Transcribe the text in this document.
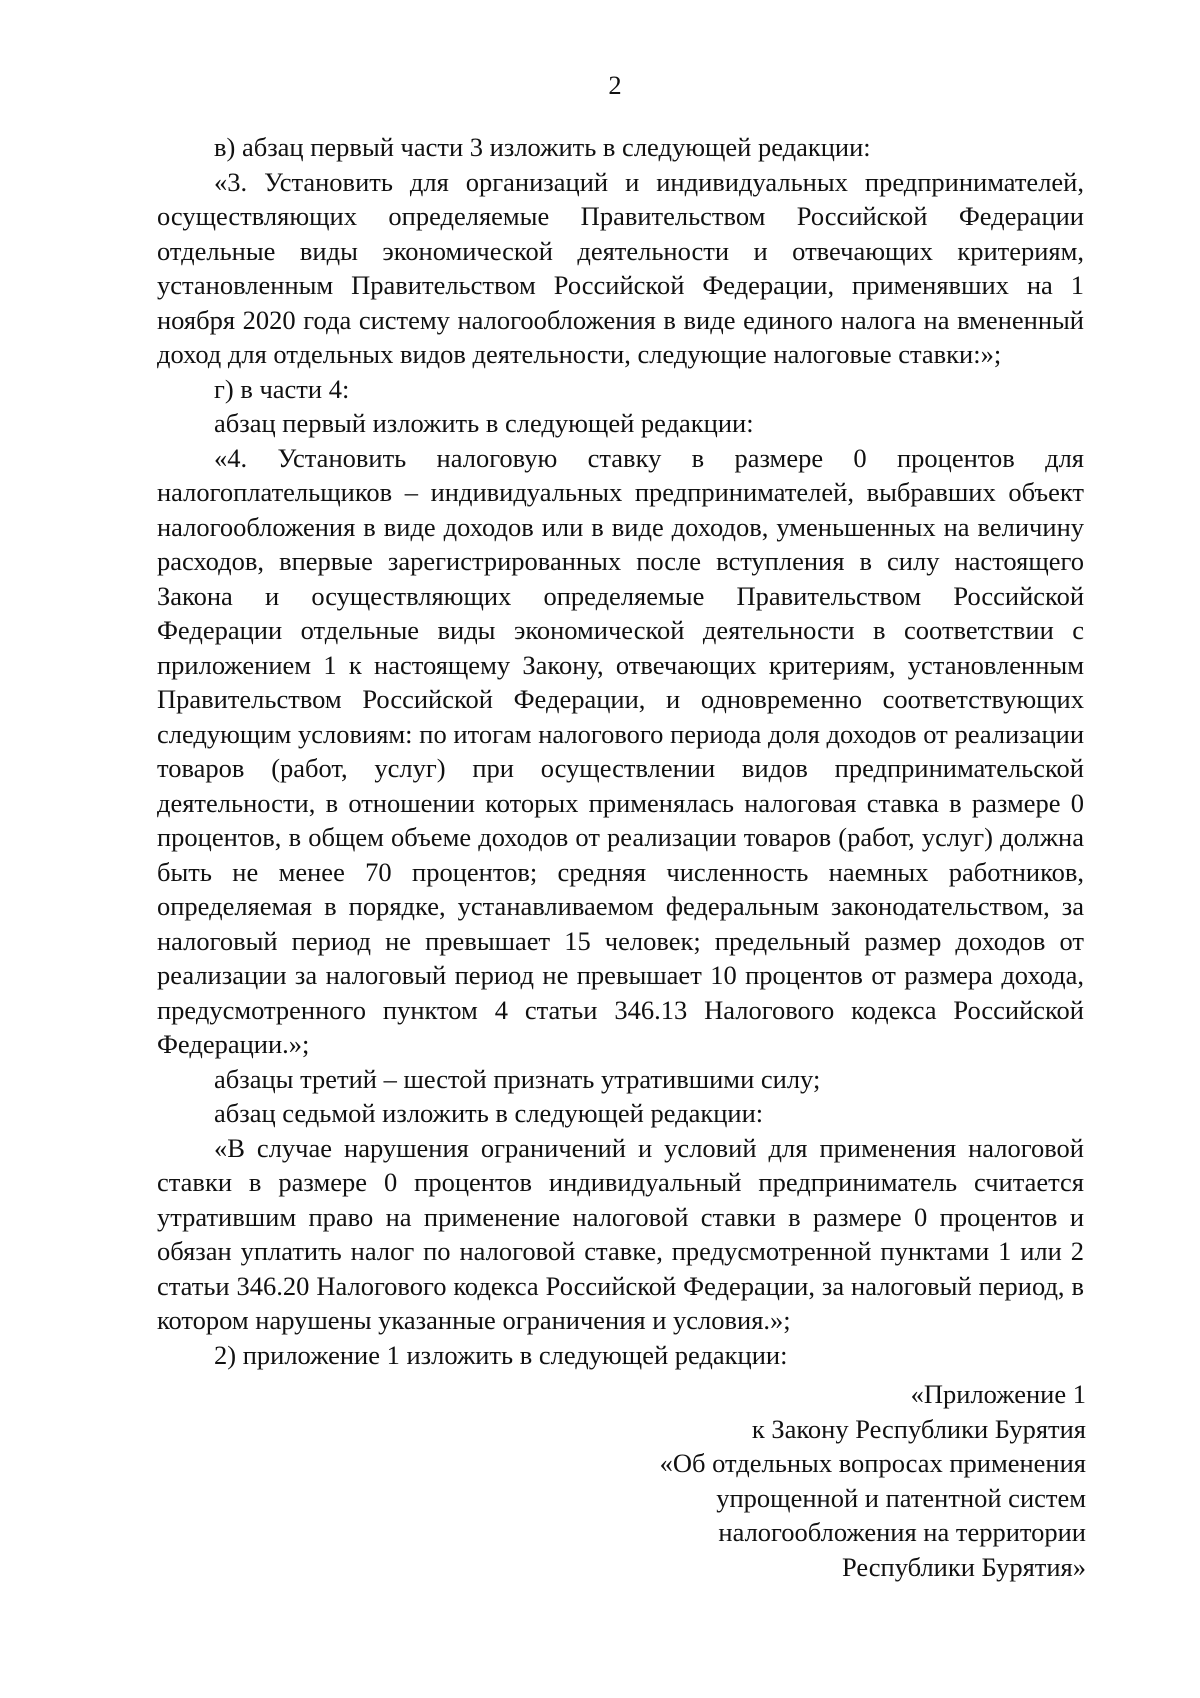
2

в) абзац первый части 3 изложить в следующей редакции:

«3. Установить для организаций и индивидуальных предпринимателей, осуществляющих определяемые Правительством Российской Федерации отдельные виды экономической деятельности и отвечающих критериям, установленным Правительством Российской Федерации, применявших на 1 ноября 2020 года систему налогообложения в виде единого налога на вмененный доход для отдельных видов деятельности, следующие налоговые ставки:»;

г) в части 4:

абзац первый изложить в следующей редакции:

«4. Установить налоговую ставку в размере 0 процентов для налогоплательщиков – индивидуальных предпринимателей, выбравших объект налогообложения в виде доходов или в виде доходов, уменьшенных на величину расходов, впервые зарегистрированных после вступления в силу настоящего Закона и осуществляющих определяемые Правительством Российской Федерации отдельные виды экономической деятельности в соответствии с приложением 1 к настоящему Закону, отвечающих критериям, установленным Правительством Российской Федерации, и одновременно соответствующих следующим условиям: по итогам налогового периода доля доходов от реализации товаров (работ, услуг) при осуществлении видов предпринимательской деятельности, в отношении которых применялась налоговая ставка в размере 0 процентов, в общем объеме доходов от реализации товаров (работ, услуг) должна быть не менее 70 процентов; средняя численность наемных работников, определяемая в порядке, устанавливаемом федеральным законодательством, за налоговый период не превышает 15 человек; предельный размер доходов от реализации за налоговый период не превышает 10 процентов от размера дохода, предусмотренного пунктом 4 статьи 346.13 Налогового кодекса Российской Федерации.»;

абзацы третий – шестой признать утратившими силу;

абзац седьмой изложить в следующей редакции:

«В случае нарушения ограничений и условий для применения налоговой ставки в размере 0 процентов индивидуальный предприниматель считается утратившим право на применение налоговой ставки в размере 0 процентов и обязан уплатить налог по налоговой ставке, предусмотренной пунктами 1 или 2 статьи 346.20 Налогового кодекса Российской Федерации, за налоговый период, в котором нарушены указанные ограничения и условия.»;

2) приложение 1 изложить в следующей редакции:

«Приложение 1
к Закону Республики Бурятия
«Об отдельных вопросах применения
упрощенной и патентной систем
налогообложения на территории
Республики Бурятия»
